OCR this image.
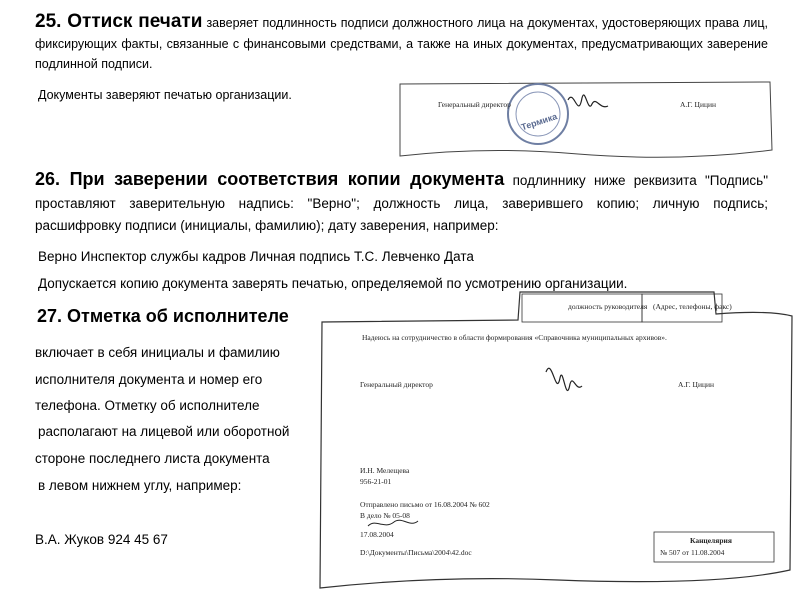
25. Оттиск печати заверяет подлинность подписи должностного лица на документах, удостоверяющих права лиц, фиксирующих факты, связанные с финансовыми средствами, а также на иных документах, предусматривающих заверение подлинной подписи.
Документы заверяют печатью организации.
Термика
Генеральный директор	А.Г. Цицин
26. При заверении соответствия копии документа подлиннику ниже реквизита "Подпись" проставляют заверительную надпись: "Верно"; должность лица, заверившего копию; личную подпись; расшифровку подписи (инициалы, фамилию); дату заверения, например:
Верно Инспектор службы кадров Личная подпись Т.С. Левченко Дата
Допускается копию документа заверять печатью, определяемой по усмотрению организации.
27. Отметка об исполнителе
включает в себя инициалы и фамилию
исполнителя документа и номер его
телефона. Отметку об исполнителе
располагают на лицевой или оборотной
стороне последнего листа документа
в левом нижнем углу, например:
В.А. Жуков 924 45 67
должность руководителя (Адрес, телефоны, факс)
Надеюсь на сотрудничество в области формирования «Справочника муниципальных архивов».
Генеральный директор	А.Г. Цицин
И.Н. Мелещева
956-21-01
Отправлено письмо от 16.08.2004 № 602
В дело № 05-08
17.08.2004
D:\Документы\Письма\2004\42.doc
Канцелярия
№ 507 от 11.08.2004
